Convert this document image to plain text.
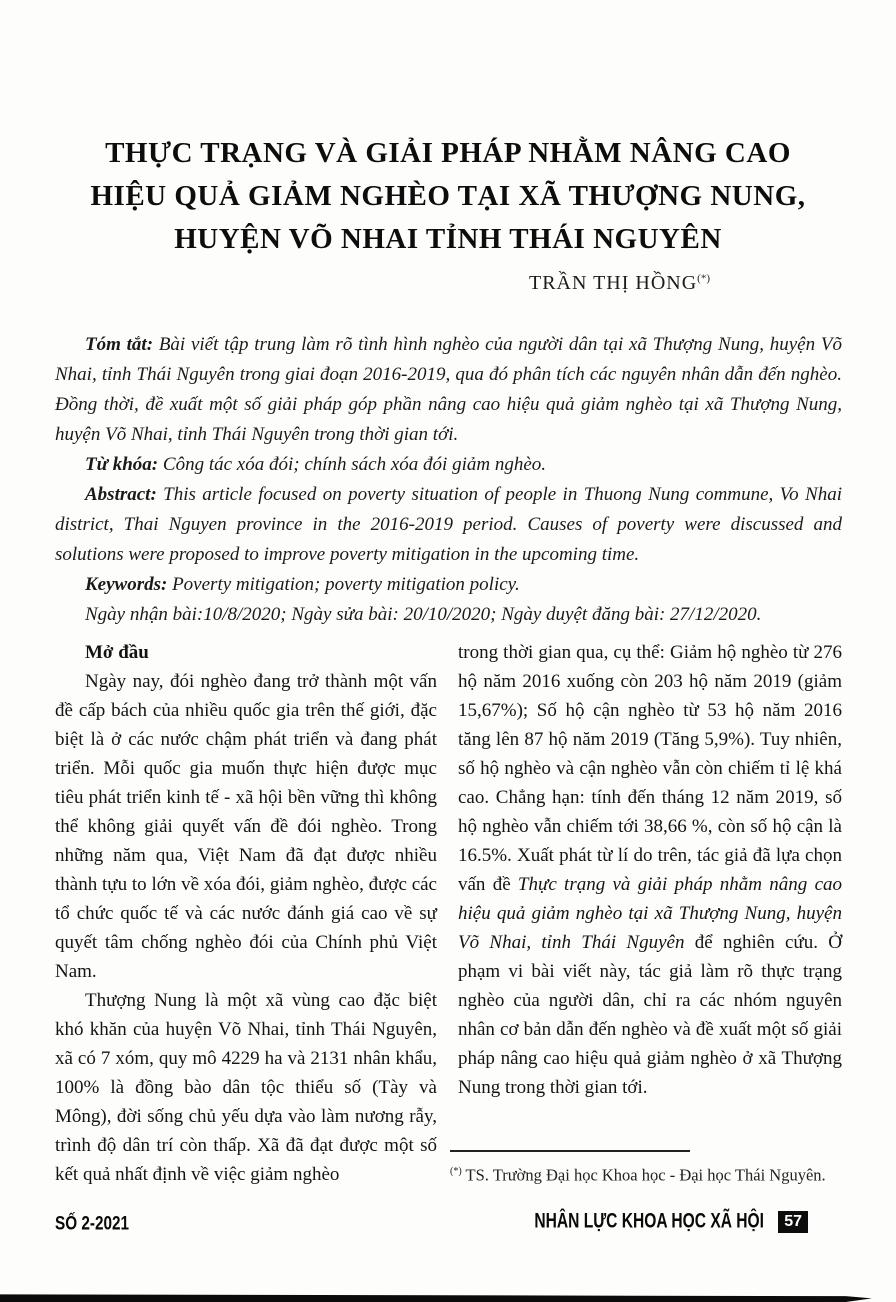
THỰC TRẠNG VÀ GIẢI PHÁP NHẰM NÂNG CAO
HIỆU QUẢ GIẢM NGHÈO TẠI XÃ THƯỢNG NUNG,
HUYỆN VÕ NHAI TỈNH THÁI NGUYÊN
TRẦN THỊ HỒNG(*)

Tóm tắt: Bài viết tập trung làm rõ tình hình nghèo của người dân tại xã Thượng Nung, huyện Võ Nhai, tỉnh Thái Nguyên trong giai đoạn 2016-2019, qua đó phân tích các nguyên nhân dẫn đến nghèo. Đồng thời, đề xuất một số giải pháp góp phần nâng cao hiệu quả giảm nghèo tại xã Thượng Nung, huyện Võ Nhai, tỉnh Thái Nguyên trong thời gian tới.

Từ khóa: Công tác xóa đói; chính sách xóa đói giảm nghèo.

Abstract: This article focused on poverty situation of people in Thuong Nung commune, Vo Nhai district, Thai Nguyen province in the 2016-2019 period. Causes of poverty were discussed and solutions were proposed to improve poverty mitigation in the upcoming time.

Keywords: Poverty mitigation; poverty mitigation policy.

Ngày nhận bài:10/8/2020; Ngày sửa bài: 20/10/2020; Ngày duyệt đăng bài: 27/12/2020.

Mở đầu

Ngày nay, đói nghèo đang trở thành một vấn đề cấp bách của nhiều quốc gia trên thế giới, đặc biệt là ở các nước chậm phát triển và đang phát triển. Mỗi quốc gia muốn thực hiện được mục tiêu phát triển kinh tế - xã hội bền vững thì không thể không giải quyết vấn đề đói nghèo. Trong những năm qua, Việt Nam đã đạt được nhiều thành tựu to lớn về xóa đói, giảm nghèo, được các tổ chức quốc tế và các nước đánh giá cao về sự quyết tâm chống nghèo đói của Chính phủ Việt Nam.

Thượng Nung là một xã vùng cao đặc biệt khó khăn của huyện Võ Nhai, tỉnh Thái Nguyên, xã có 7 xóm, quy mô 4229 ha và 2131 nhân khẩu, 100% là đồng bào dân tộc thiểu số (Tày và Mông), đời sống chủ yếu dựa vào làm nương rẫy, trình độ dân trí còn thấp. Xã đã đạt được một số kết quả nhất định về việc giảm nghèo

trong thời gian qua, cụ thể: Giảm hộ nghèo từ 276 hộ năm 2016 xuống còn 203 hộ năm 2019 (giảm 15,67%); Số hộ cận nghèo từ 53 hộ năm 2016 tăng lên 87 hộ năm 2019 (Tăng 5,9%). Tuy nhiên, số hộ nghèo và cận nghèo vẫn còn chiếm tỉ lệ khá cao. Chẳng hạn: tính đến tháng 12 năm 2019, số hộ nghèo vẫn chiếm tới 38,66 %, còn số hộ cận là 16.5%. Xuất phát từ lí do trên, tác giả đã lựa chọn vấn đề Thực trạng và giải pháp nhằm nâng cao hiệu quả giảm nghèo tại xã Thượng Nung, huyện Võ Nhai, tỉnh Thái Nguyên để nghiên cứu. Ở phạm vi bài viết này, tác giả làm rõ thực trạng nghèo của người dân, chỉ ra các nhóm nguyên nhân cơ bản dẫn đến nghèo và đề xuất một số giải pháp nâng cao hiệu quả giảm nghèo ở xã Thượng Nung trong thời gian tới.

(*) TS. Trường Đại học Khoa học - Đại học Thái Nguyên.
SỐ 2-2021	NHÂN LỰC KHOA HỌC XÃ HỘI	57
